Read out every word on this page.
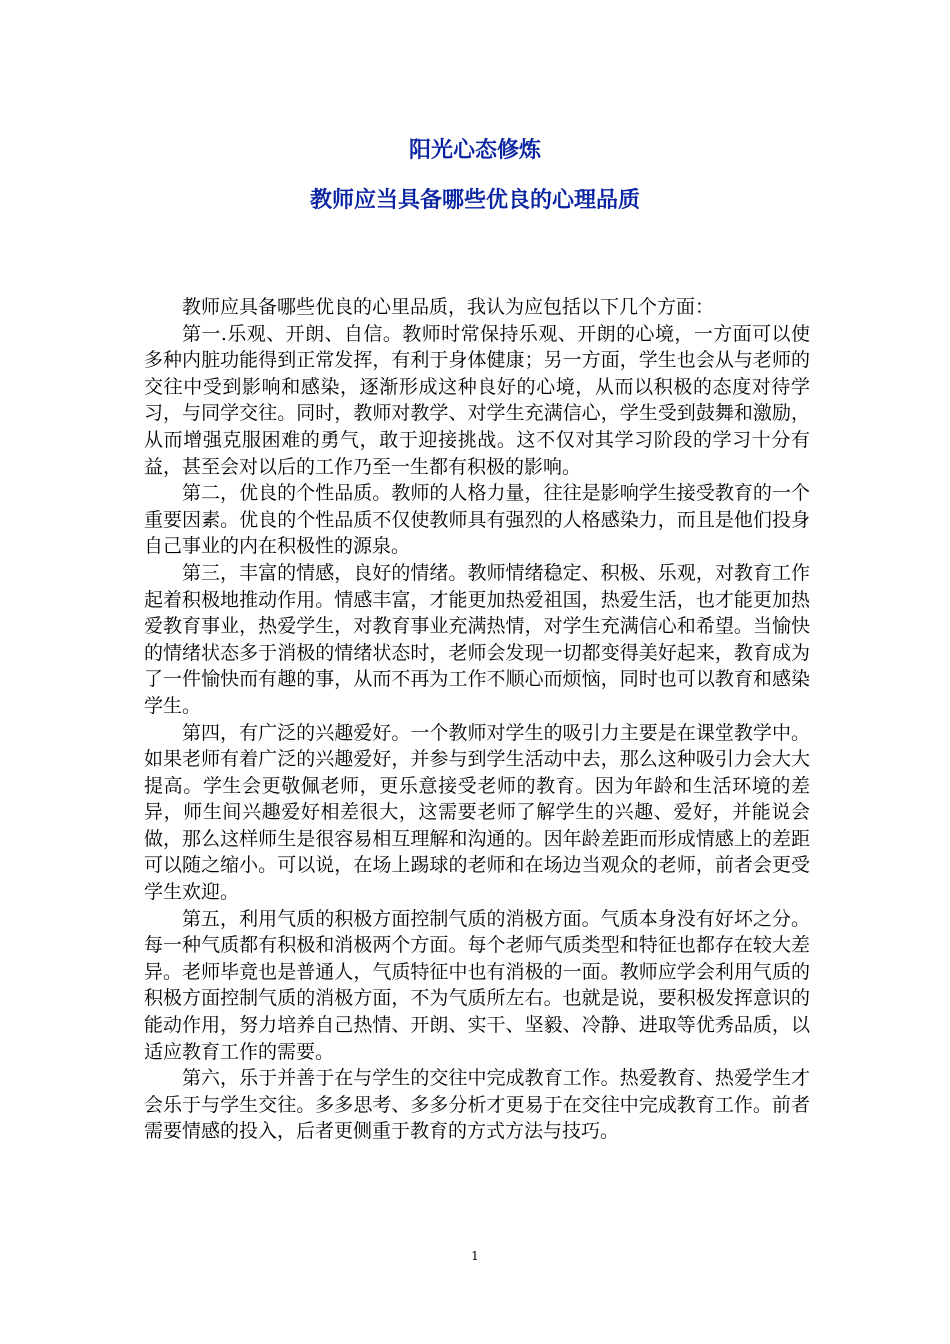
阳光心态修炼
教师应当具备哪些优良的心理品质

教师应具备哪些优良的心里品质，我认为应包括以下几个方面：

第一.乐观、开朗、自信。教师时常保持乐观、开朗的心境，一方面可以使多种内脏功能得到正常发挥，有利于身体健康；另一方面，学生也会从与老师的交往中受到影响和感染，逐渐形成这种良好的心境，从而以积极的态度对待学习，与同学交往。同时，教师对教学、对学生充满信心，学生受到鼓舞和激励，从而增强克服困难的勇气，敢于迎接挑战。这不仅对其学习阶段的学习十分有益，甚至会对以后的工作乃至一生都有积极的影响。

第二，优良的个性品质。教师的人格力量，往往是影响学生接受教育的一个重要因素。优良的个性品质不仅使教师具有强烈的人格感染力，而且是他们投身自己事业的内在积极性的源泉。

第三，丰富的情感，良好的情绪。教师情绪稳定、积极、乐观，对教育工作起着积极地推动作用。情感丰富，才能更加热爱祖国，热爱生活，也才能更加热爱教育事业，热爱学生，对教育事业充满热情，对学生充满信心和希望。当愉快的情绪状态多于消极的情绪状态时，老师会发现一切都变得美好起来，教育成为了一件愉快而有趣的事，从而不再为工作不顺心而烦恼，同时也可以教育和感染学生。

第四，有广泛的兴趣爱好。一个教师对学生的吸引力主要是在课堂教学中。如果老师有着广泛的兴趣爱好，并参与到学生活动中去，那么这种吸引力会大大提高。学生会更敬佩老师，更乐意接受老师的教育。因为年龄和生活环境的差异，师生间兴趣爱好相差很大，这需要老师了解学生的兴趣、爱好，并能说会做，那么这样师生是很容易相互理解和沟通的。因年龄差距而形成情感上的差距可以随之缩小。可以说，在场上踢球的老师和在场边当观众的老师，前者会更受学生欢迎。

第五，利用气质的积极方面控制气质的消极方面。气质本身没有好坏之分。每一种气质都有积极和消极两个方面。每个老师气质类型和特征也都存在较大差异。老师毕竟也是普通人，气质特征中也有消极的一面。教师应学会利用气质的积极方面控制气质的消极方面，不为气质所左右。也就是说，要积极发挥意识的能动作用，努力培养自己热情、开朗、实干、坚毅、冷静、进取等优秀品质，以适应教育工作的需要。

第六，乐于并善于在与学生的交往中完成教育工作。热爱教育、热爱学生才会乐于与学生交往。多多思考、多多分析才更易于在交往中完成教育工作。前者需要情感的投入，后者更侧重于教育的方式方法与技巧。

1
